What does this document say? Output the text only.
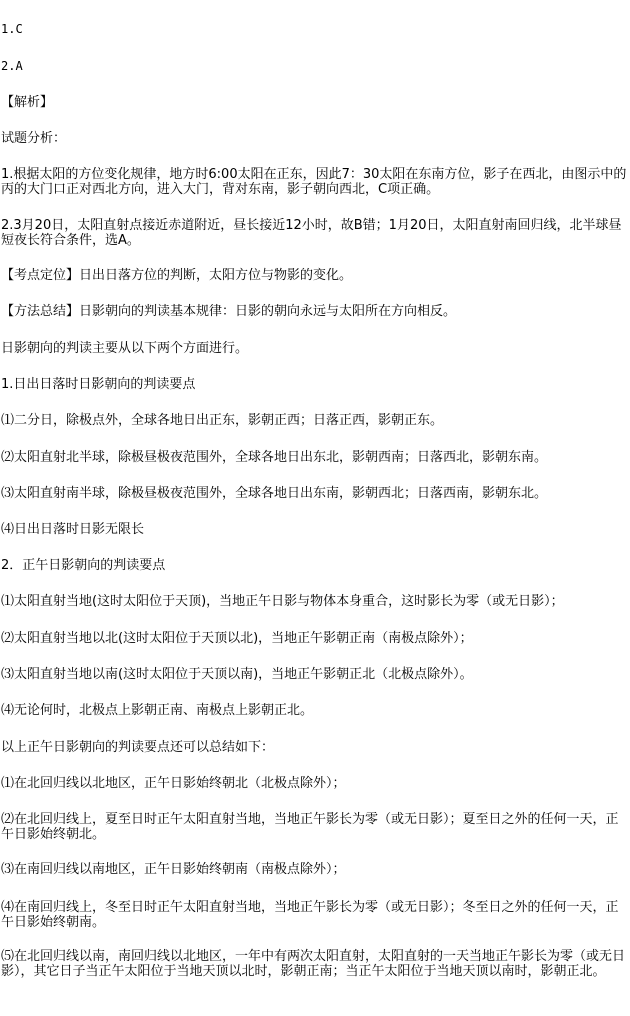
1.C
2.A
【解析】
试题分析：
1.根据太阳的方位变化规律，地方时6:00太阳在正东，因此7：30太阳在东南方位，影子在西北，由图示中的丙的大门口正对西北方向，进入大门，背对东南，影子朝向西北，C项正确。
2.3月20日，太阳直射点接近赤道附近，昼长接近12小时，故B错；1月20日，太阳直射南回归线，北半球昼短夜长符合条件，选A。
【考点定位】日出日落方位的判断，太阳方位与物影的变化。
【方法总结】日影朝向的判读基本规律：日影的朝向永远与太阳所在方向相反。
日影朝向的判读主要从以下两个方面进行。
1.日出日落时日影朝向的判读要点
⑴二分日，除极点外，全球各地日出正东，影朝正西；日落正西，影朝正东。
⑵太阳直射北半球，除极昼极夜范围外，全球各地日出东北，影朝西南；日落西北，影朝东南。
⑶太阳直射南半球，除极昼极夜范围外，全球各地日出东南，影朝西北；日落西南，影朝东北。
⑷日出日落时日影无限长
2．正午日影朝向的判读要点
⑴太阳直射当地(这时太阳位于天顶)，当地正午日影与物体本身重合，这时影长为零（或无日影）；
⑵太阳直射当地以北(这时太阳位于天顶以北)，当地正午影朝正南（南极点除外）；
⑶太阳直射当地以南(这时太阳位于天顶以南)，当地正午影朝正北（北极点除外）。
⑷无论何时，北极点上影朝正南、南极点上影朝正北。
以上正午日影朝向的判读要点还可以总结如下：
⑴在北回归线以北地区，正午日影始终朝北（北极点除外）；
⑵在北回归线上，夏至日时正午太阳直射当地，当地正午影长为零（或无日影）；夏至日之外的任何一天，正午日影始终朝北。
⑶在南回归线以南地区，正午日影始终朝南（南极点除外）；
⑷在南回归线上，冬至日时正午太阳直射当地，当地正午影长为零（或无日影）；冬至日之外的任何一天，正午日影始终朝南。
⑸在北回归线以南，南回归线以北地区，一年中有两次太阳直射，太阳直射的一天当地正午影长为零（或无日影），其它日子当正午太阳位于当地天顶以北时，影朝正南；当正午太阳位于当地天顶以南时，影朝正北。
